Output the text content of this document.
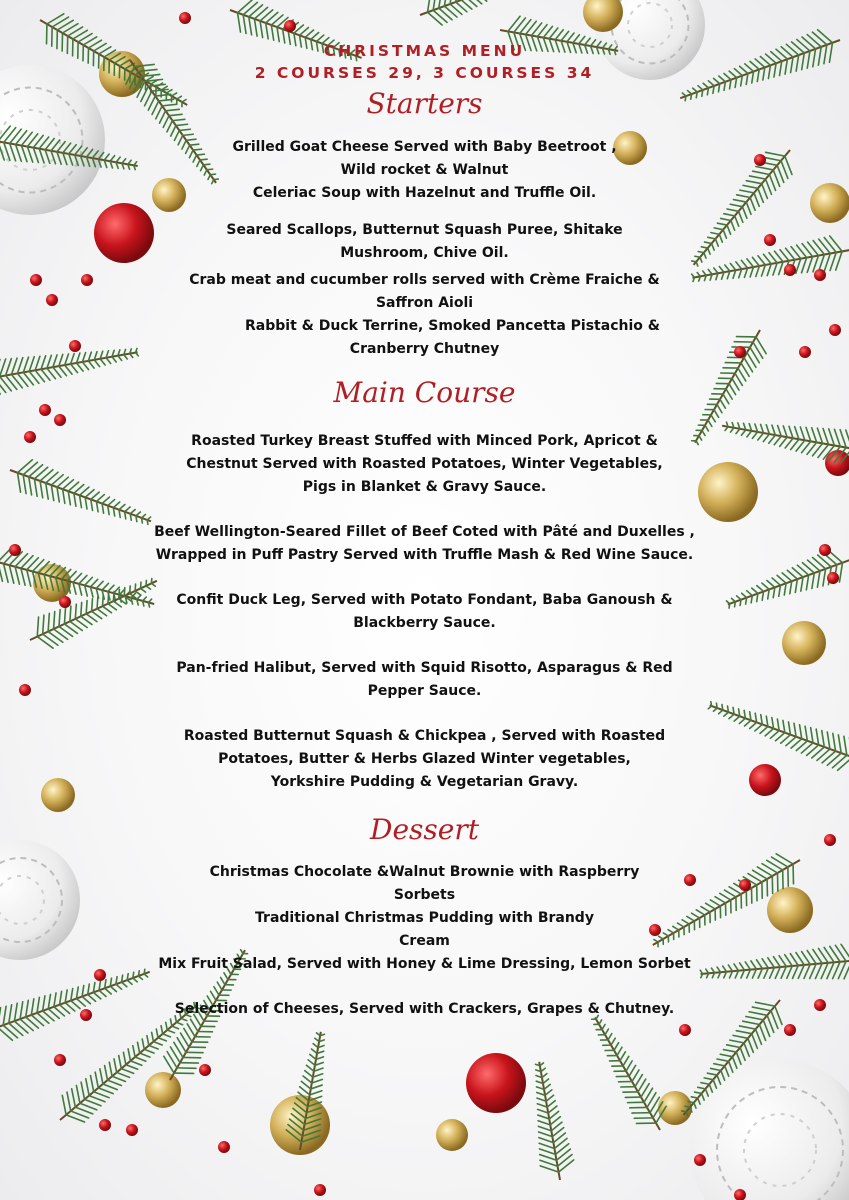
CHRISTMAS MENU

2 COURSES 29, 3 COURSES 34

Starters

Grilled Goat Cheese Served with Baby Beetroot ,

Wild rocket & Walnut

Celeriac Soup with Hazelnut and Truffle Oil.

Seared Scallops, Butternut Squash Puree, Shitake

Mushroom, Chive Oil.

Crab meat and cucumber rolls served with Crème Fraiche &

Saffron Aioli

Rabbit & Duck Terrine, Smoked Pancetta Pistachio &

Cranberry Chutney

Main Course

Roasted Turkey Breast Stuffed with Minced Pork, Apricot &

Chestnut Served with Roasted Potatoes, Winter Vegetables,

Pigs in Blanket & Gravy Sauce.

Beef Wellington-Seared Fillet of Beef Coted with Pâté and Duxelles ,

Wrapped in Puff Pastry Served with Truffle Mash & Red Wine Sauce.

Confit Duck Leg, Served with Potato Fondant, Baba Ganoush &

Blackberry Sauce.

Pan-fried Halibut, Served with Squid Risotto, Asparagus & Red

Pepper Sauce.

Roasted Butternut Squash & Chickpea , Served with Roasted

Potatoes, Butter & Herbs Glazed Winter vegetables,

Yorkshire Pudding & Vegetarian Gravy.

Dessert

Christmas Chocolate &Walnut Brownie with Raspberry

Sorbets

Traditional Christmas Pudding with Brandy

Cream

Mix Fruit Salad, Served with Honey & Lime Dressing, Lemon Sorbet

Selection of Cheeses, Served with Crackers, Grapes & Chutney.
